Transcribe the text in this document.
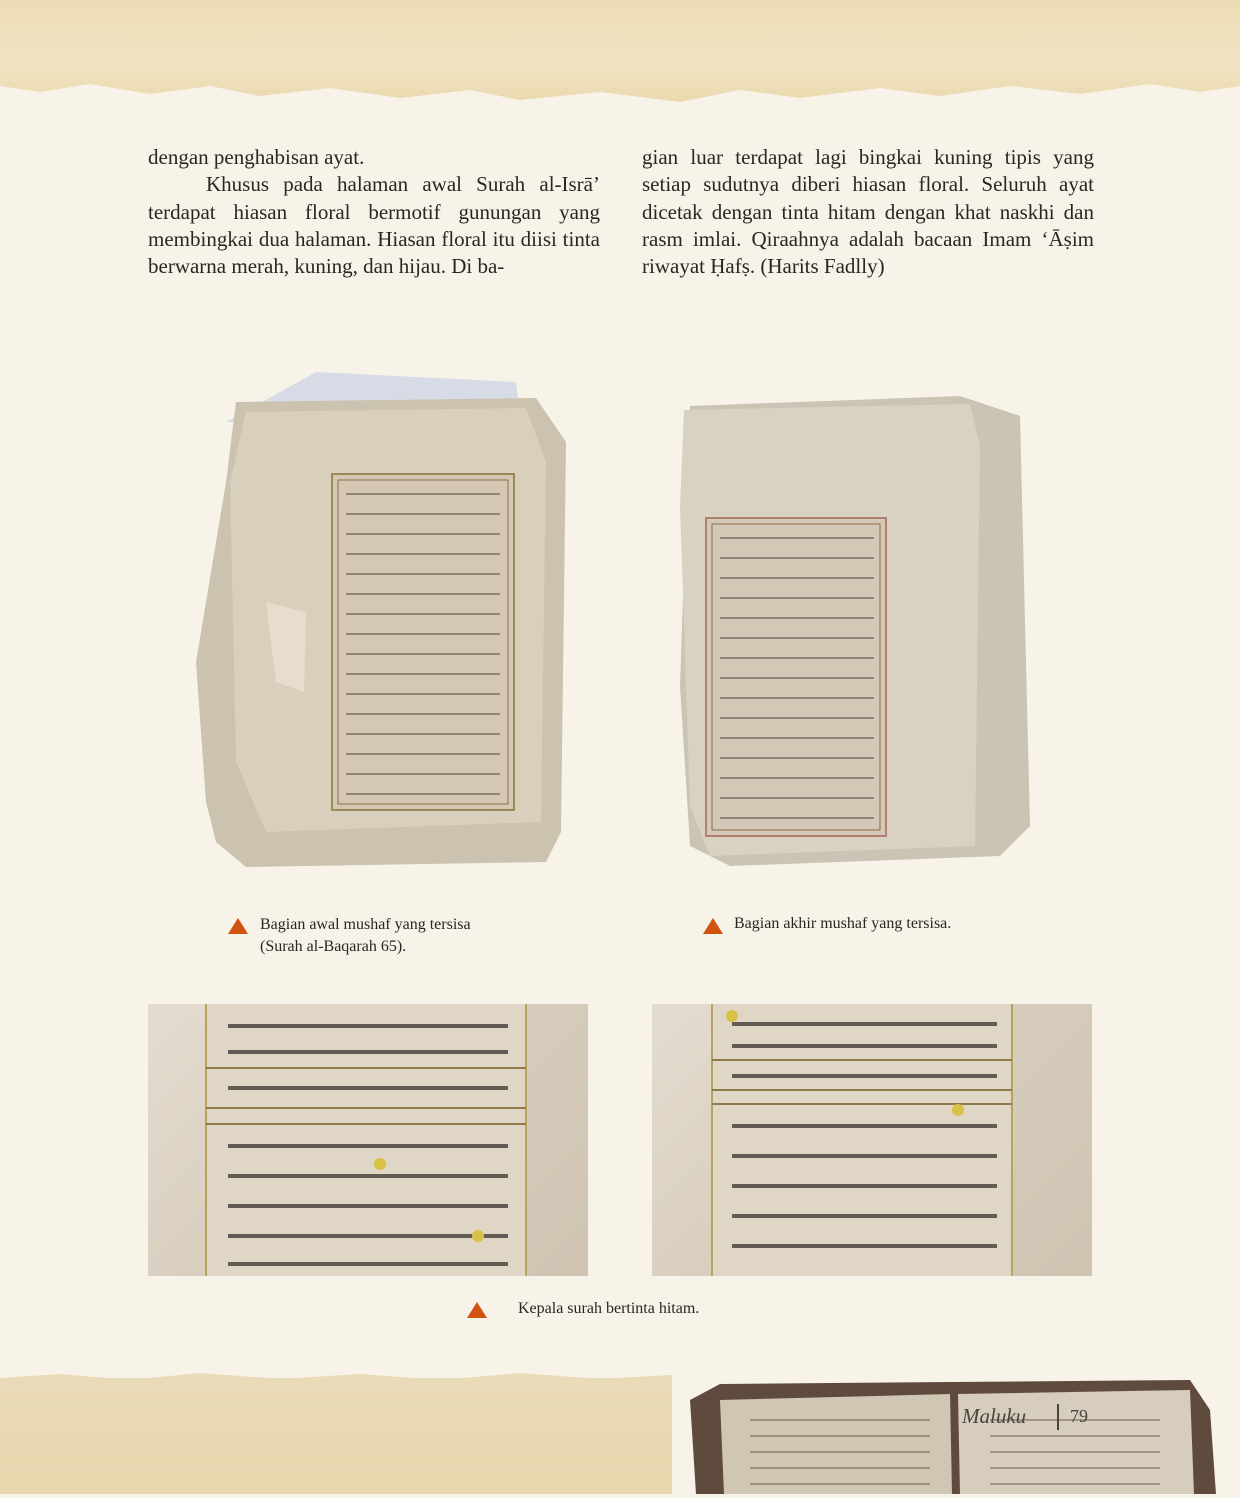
dengan penghabisan ayat.

Khusus pada halaman awal Surah al-Isrā’ terdapat hiasan floral bermotif gunungan yang membingkai dua halaman. Hiasan floral itu diisi tinta berwarna merah, kuning, dan hijau. Di ba-

gian luar terdapat lagi bingkai kuning tipis yang setiap sudutnya diberi hiasan floral. Seluruh ayat dicetak dengan tinta hitam dengan khat naskhi dan rasm imlai. Qiraahnya adalah bacaan Imam ‘Āṣim riwayat Ḥafṣ. (Harits Fadlly)

Bagian awal mushaf yang tersisa
(Surah al-Baqarah 65).
Bagian akhir mushaf yang tersisa.
Kepala surah bertinta hitam.
Maluku 79
